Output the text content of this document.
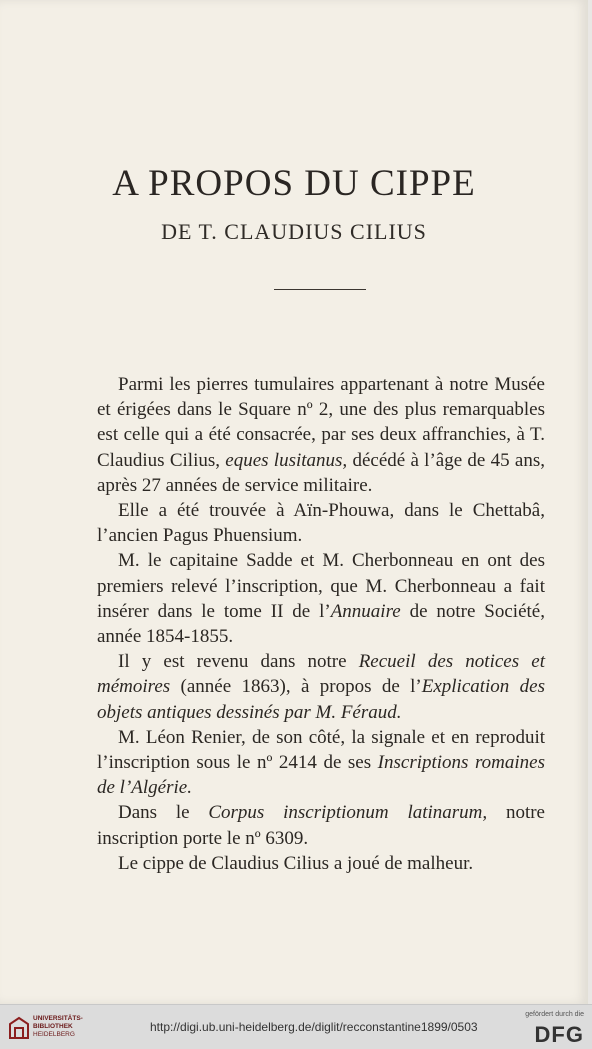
A PROPOS DU CIPPE
DE T. CLAUDIUS CILIUS

Parmi les pierres tumulaires appartenant à notre Musée et érigées dans le Square nº 2, une des plus remarquables est celle qui a été consacrée, par ses deux affranchies, à T. Claudius Cilius, eques lusitanus, décédé à l’âge de 45 ans, après 27 années de service militaire.

Elle a été trouvée à Aïn-Phouwa, dans le Chettabâ, l’ancien Pagus Phuensium.

M. le capitaine Sadde et M. Cherbonneau en ont des premiers relevé l’inscription, que M. Cherbonneau a fait insérer dans le tome II de l’Annuaire de notre Société, année 1854-1855.

Il y est revenu dans notre Recueil des notices et mémoires (année 1863), à propos de l’Explication des objets antiques dessinés par M. Féraud.

M. Léon Renier, de son côté, la signale et en reproduit l’inscription sous le nº 2414 de ses Inscriptions romaines de l’Algérie.

Dans le Corpus inscriptionum latinarum, notre inscription porte le nº 6309.

Le cippe de Claudius Cilius a joué de malheur.

UNIVERSITÄTS-
BIBLIOTHEK
HEIDELBERG
http://digi.ub.uni-heidelberg.de/diglit/recconstantine1899/0503
gefördert durch die
DFG
